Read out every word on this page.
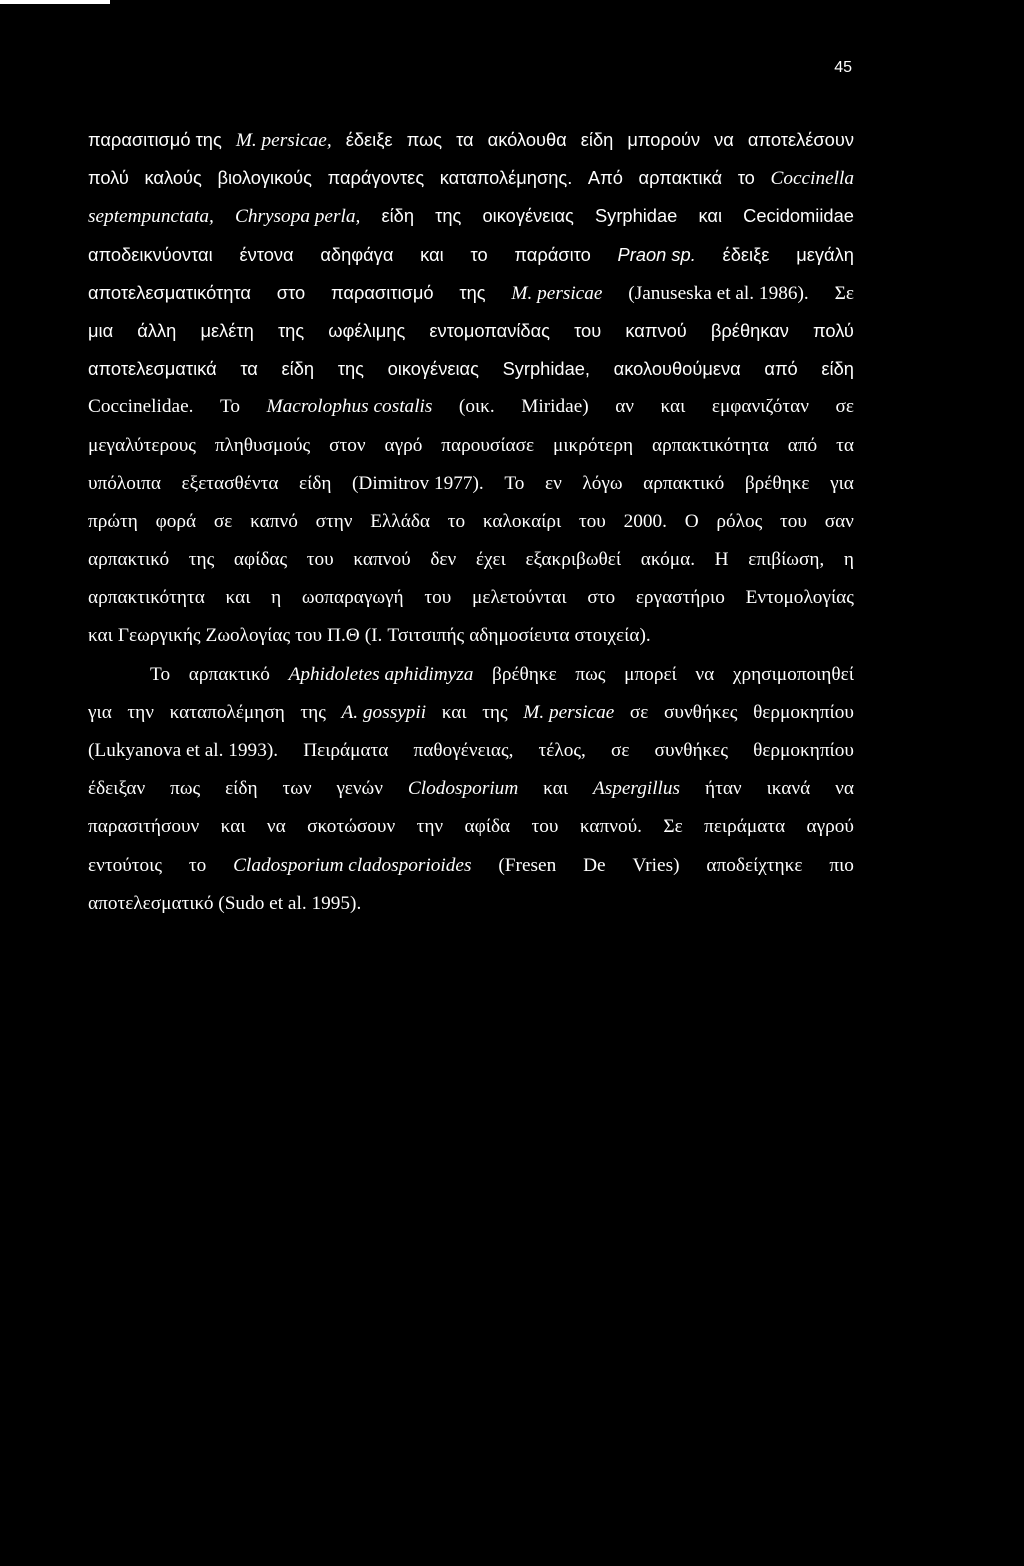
45
παρασιτισμό της M. persicae, έδειξε πως τα ακόλουθα είδη μπορούν να αποτελέσουν
πολύ καλούς βιολογικούς παράγοντες καταπολέμησης. Από αρπακτικά το Coccinella
septempunctata, Chrysopa perla, είδη της οικογένειας Syrphidae και Cecidomiidae
αποδεικνύονται έντονα αδηφάγα και το παράσιτο Praon sp. έδειξε μεγάλη
αποτελεσματικότητα στο παρασιτισμό της M. persicae (Januseska et al. 1986). Σε
μια άλλη μελέτη της ωφέλιμης εντομοπανίδας του καπνού βρέθηκαν πολύ
αποτελεσματικά τα είδη της οικογένειας Syrphidae, ακολουθούμενα από είδη
Coccinelidae. Το Macrolophus costalis (οικ. Miridae) αν και εμφανιζόταν σε
μεγαλύτερους πληθυσμούς στον αγρό παρουσίασε μικρότερη αρπακτικότητα από τα
υπόλοιπα εξετασθέντα είδη (Dimitrov 1977). Το εν λόγω αρπακτικό βρέθηκε για
πρώτη φορά σε καπνό στην Ελλάδα το καλοκαίρι του 2000. Ο ρόλος του σαν
αρπακτικό της αφίδας του καπνού δεν έχει εξακριβωθεί ακόμα. Η επιβίωση, η
αρπακτικότητα και η ωοπαραγωγή του μελετούνται στο εργαστήριο Εντομολογίας
και Γεωργικής Ζωολογίας του Π.Θ (Ι. Τσιτσιπής αδημοσίευτα στοιχεία).
Το αρπακτικό Aphidoletes aphidimyza βρέθηκε πως μπορεί να χρησιμοποιηθεί
για την καταπολέμηση της A. gossypii και της M. persicae σε συνθήκες θερμοκηπίου
(Lukyanova et al. 1993). Πειράματα παθογένειας, τέλος, σε συνθήκες θερμοκηπίου
έδειξαν πως είδη των γενών Clodosporium και Aspergillus ήταν ικανά να
παρασιτήσουν και να σκοτώσουν την αφίδα του καπνού. Σε πειράματα αγρού
εντούτοις το Cladosporium cladosporioides (Fresen De Vries) αποδείχτηκε πιο
αποτελεσματικό (Sudo et al. 1995).
